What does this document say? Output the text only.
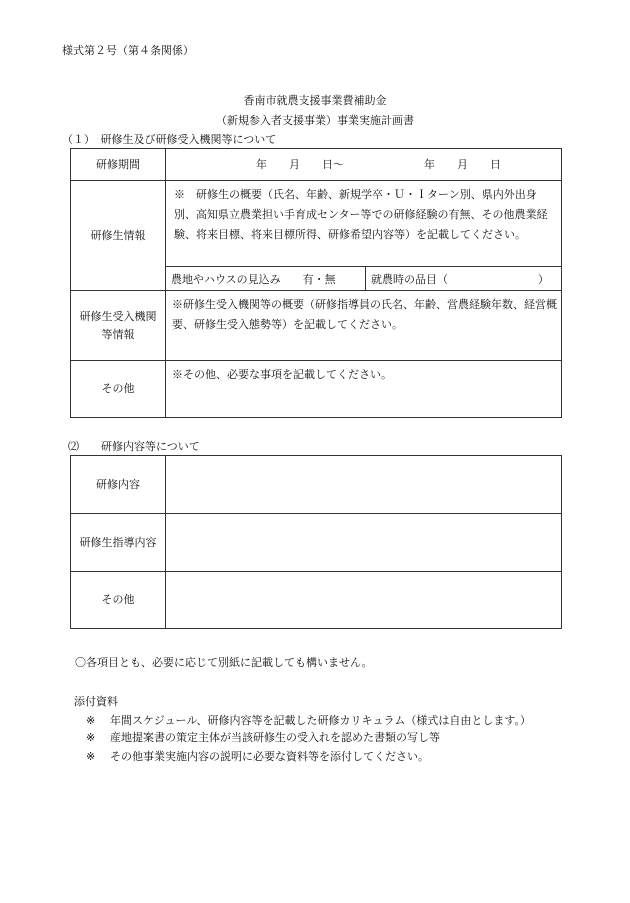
様式第２号（第４条関係）
香南市就農支援事業費補助金
（新規参入者支援事業）事業実施計画書
（１）　研修生及び研修受入機関等について
研修期間	年　　月　　日〜 年　　月　　日	

研修生情報	※　研修生の概要（氏名、年齢、新規学卒・Ｕ・Ｉターン別、県内外出身別、高知県立農業担い手育成センター等での研修経験の有無、その他農業経験、将来目標、将来目標所得、研修希望内容等）を記載してください。	

	農地やハウスの見込み　　有・無	就農時の品目（ ）

研修生受入機関
等情報	※研修生受入機関等の概要（研修指導員の氏名、年齢、営農経験年数、経営概要、研修生受入態勢等）を記載してください。	

その他	※その他、必要な事項を記載してください。	
⑵　　研修内容等について
研修内容	
研修生指導内容	
その他	
〇各項目とも、必要に応じて別紙に記載しても構いません。
添付資料
※ 年間スケジュール、研修内容等を記載した研修カリキュラム（様式は自由とします。）
※ 産地提案書の策定主体が当該研修生の受入れを認めた書類の写し等
※ その他事業実施内容の説明に必要な資料等を添付してください。
